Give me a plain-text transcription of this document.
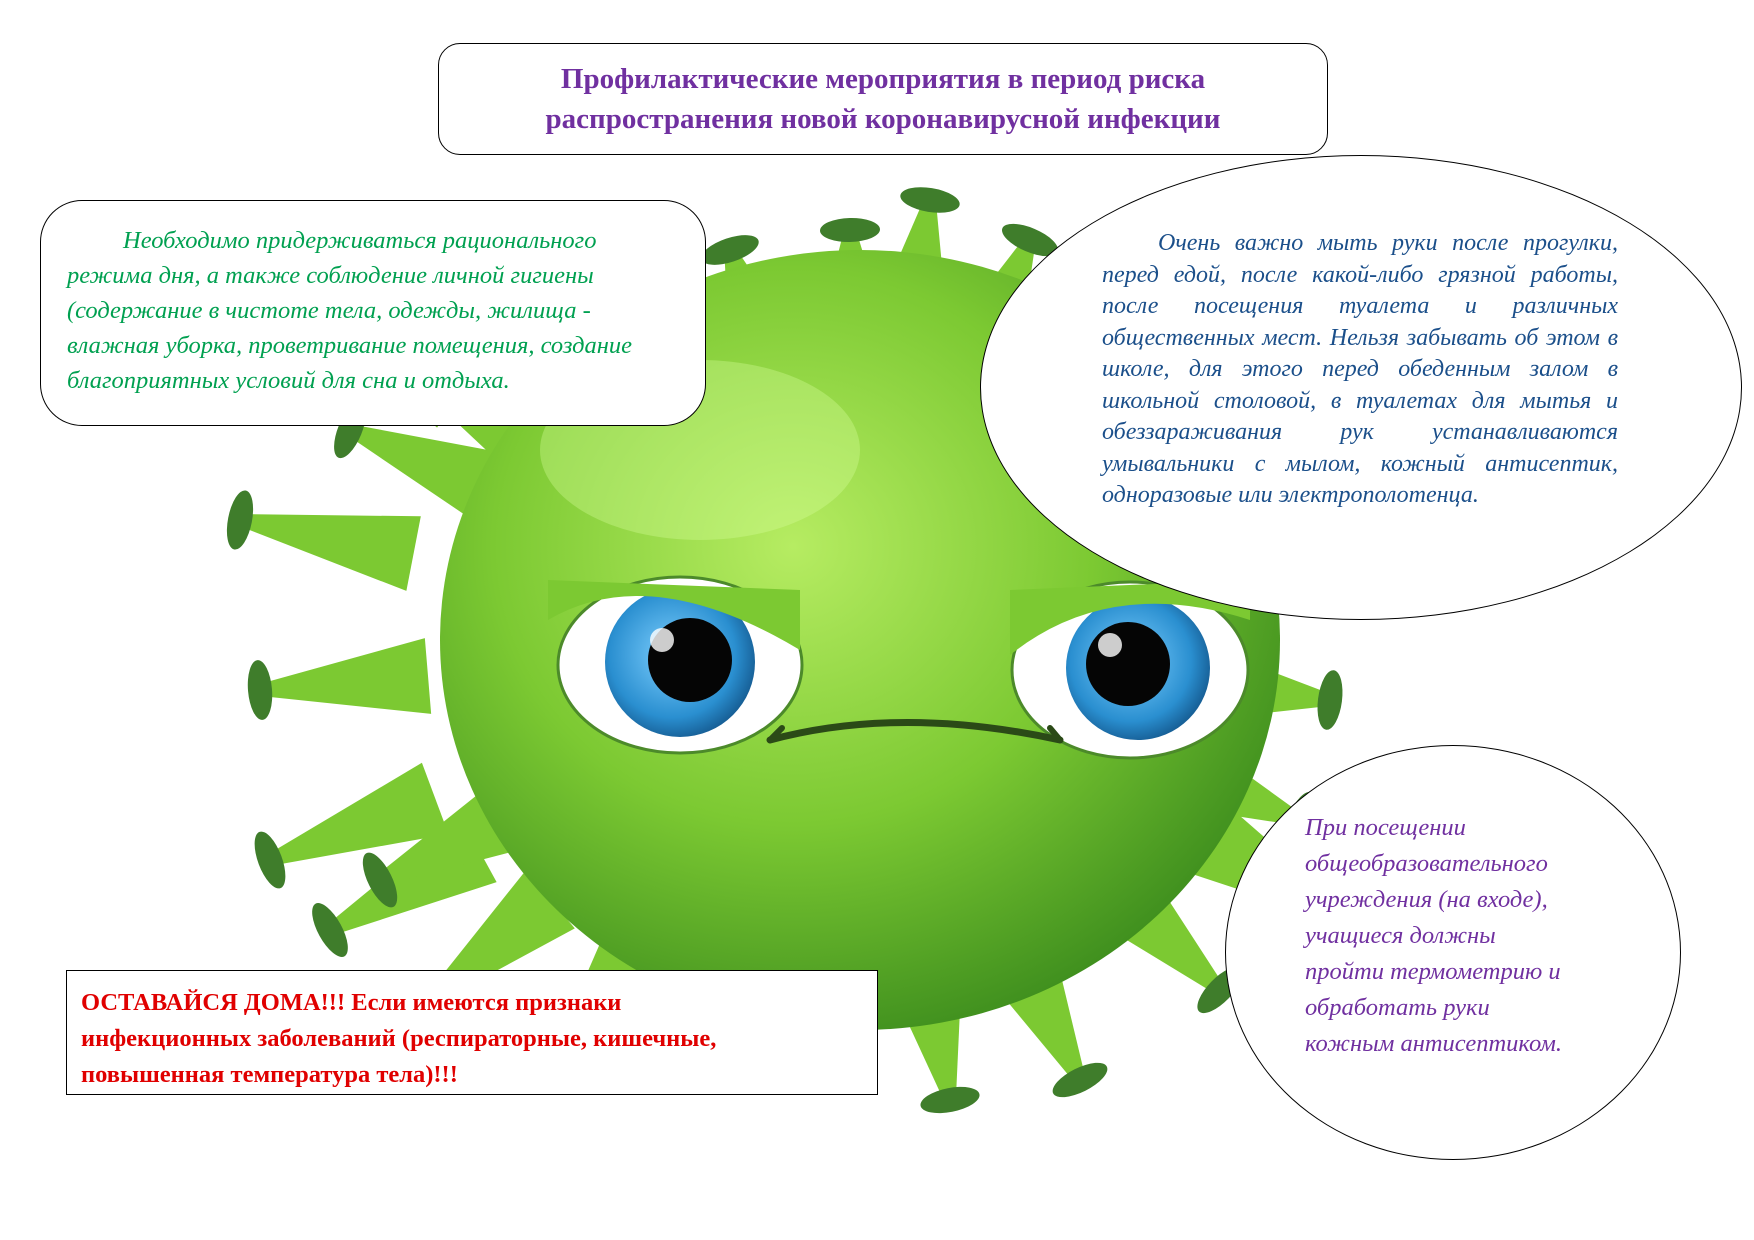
Профилактические мероприятия в период риска
распространения новой коронавирусной инфекции

Необходимо придерживаться рационального режима дня, а также соблюдение личной гигиены (содержание в чистоте тела, одежды, жилища - влажная уборка, проветривание помещения, создание благоприятных условий для сна и отдыха.

Очень важно мыть руки после прогулки, перед едой, после какой-либо грязной работы, после посещения туалета и различных общественных мест. Нельзя забывать об этом в школе, для этого перед обеденным залом в школьной столовой, в туалетах для мытья и обеззараживания рук устанавливаются умывальники с мылом, кожный антисептик, одноразовые или электрополотенца.

При посещении
общеобразовательного
учреждения (на входе),
учащиеся должны
пройти термометрию и
обработать руки
кожным антисептиком.
ОСТАВАЙСЯ ДОМА!!! Если имеются признаки
инфекционных заболеваний (респираторные, кишечные,
повышенная температура тела)!!!
